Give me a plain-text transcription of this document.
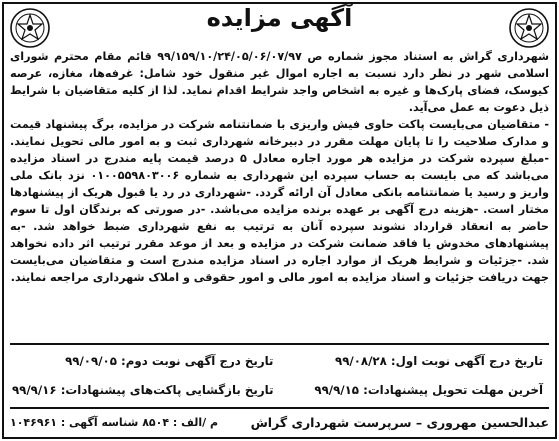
آگهی مزایده

شهرداری گراش به استناد مجوز شماره ص ۹۹/۱۵۹/۱۰/۲۴/۰۵/۰۶/۰۷/۹۷ قائم مقام محترم شورای اسلامی شهر در نظر دارد نسبت به اجاره اموال غیر منقول خود شامل: غرفه‌ها، مغازه، عرصه کیوسک، فضای پارک‌ها و غیره به اشخاص واجد شرایط اقدام نماید. لذا از کلیه متقاضیان با شرایط ذیل دعوت به عمل می‌آید.

- متقاضیان می‌بایست پاکت حاوی فیش واریزی با ضمانتنامه شرکت در مزایده، برگ پیشنهاد قیمت و مدارک صلاحیت را تا پایان مهلت مقرر در دبیرخانه شهرداری ثبت و به امور مالی تحویل نمایند. -مبلغ سپرده شرکت در مزایده هر مورد اجاره معادل ۵ درصد قیمت پایه مندرج در اسناد مزایده می‌باشد که می بایست به حساب سپرده این شهرداری به شماره ۰۱۰۰۵۵۹۸۰۳۰۰۶ نزد بانک ملی واریز و رسید یا ضمانتنامه بانکی معادل آن ارائه گردد. -شهرداری در رد یا قبول هریک از پیشنهادها مختار است. -هزینه درج آگهی بر عهده برنده مزایده می‌باشد. -در صورتی که برندگان اول تا سوم حاضر به انعقاد قرارداد نشوند سپرده آنان به ترتیب به نفع شهرداری ضبط خواهد شد. -به پیشنهادهای مخدوش یا فاقد ضمانت شرکت در مزایده و بعد از موعد مقرر ترتیب اثر داده نخواهد شد. -جزئیات و شرایط هریک از موارد اجاره در اسناد مزایده مندرج است و متقاضیان می‌بایست جهت دریافت جزئیات و اسناد مزایده به امور مالی و امور حقوقی و املاک شهرداری مراجعه نمایند.

تاریخ درج آگهی نوبت اول: ۹۹/۰۸/۲۸
تاریخ درج آگهی نوبت دوم: ۹۹/۰۹/۰۵
آخرین مهلت تحویل پیشنهادات: ۹۹/۹/۱۵
تاریخ بازگشایی پاکت‌های پیشنهادات: ۹۹/۹/۱۶
عبدالحسین مهروری – سرپرست شهرداری گراش
م /الف : ۸۵۰۴ شناسه آگهی : ۱۰۴۶۹۶۱
